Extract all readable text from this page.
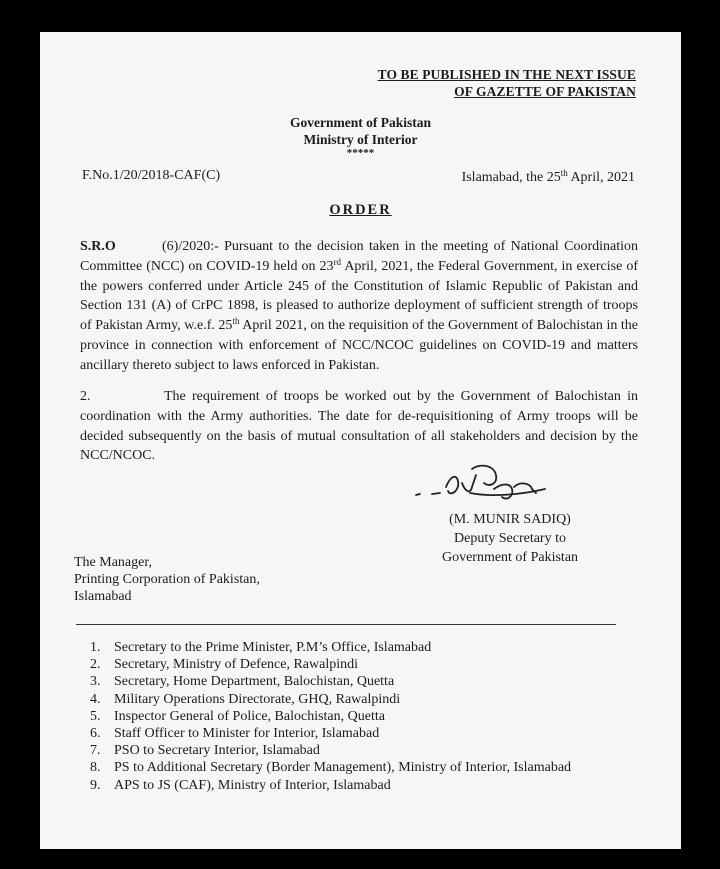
TO BE PUBLISHED IN THE NEXT ISSUE
OF GAZETTE OF PAKISTAN
Government of Pakistan
Ministry of Interior
*****
F.No.1/20/2018-CAF(C)	Islamabad, the 25th April, 2021
ORDER
S.R.O	(6)/2020:- Pursuant to the decision taken in the meeting of National Coordination Committee (NCC) on COVID-19 held on 23rd April, 2021, the Federal Government, in exercise of the powers conferred under Article 245 of the Constitution of Islamic Republic of Pakistan and Section 131 (A) of CrPC 1898, is pleased to authorize deployment of sufficient strength of troops of Pakistan Army, w.e.f. 25th April 2021, on the requisition of the Government of Balochistan in the province in connection with enforcement of NCC/NCOC guidelines on COVID-19 and matters ancillary thereto subject to laws enforced in Pakistan.
2.	The requirement of troops be worked out by the Government of Balochistan in coordination with the Army authorities. The date for de-requisitioning of Army troops will be decided subsequently on the basis of mutual consultation of all stakeholders and decision by the NCC/NCOC.
(M. MUNIR SADIQ)
Deputy Secretary to
Government of Pakistan
The Manager,
Printing Corporation of Pakistan,
Islamabad
1. Secretary to the Prime Minister, P.M’s Office, Islamabad
2. Secretary, Ministry of Defence, Rawalpindi
3. Secretary, Home Department, Balochistan, Quetta
4. Military Operations Directorate, GHQ, Rawalpindi
5. Inspector General of Police, Balochistan, Quetta
6. Staff Officer to Minister for Interior, Islamabad
7. PSO to Secretary Interior, Islamabad
8. PS to Additional Secretary (Border Management), Ministry of Interior, Islamabad
9. APS to JS (CAF), Ministry of Interior, Islamabad
